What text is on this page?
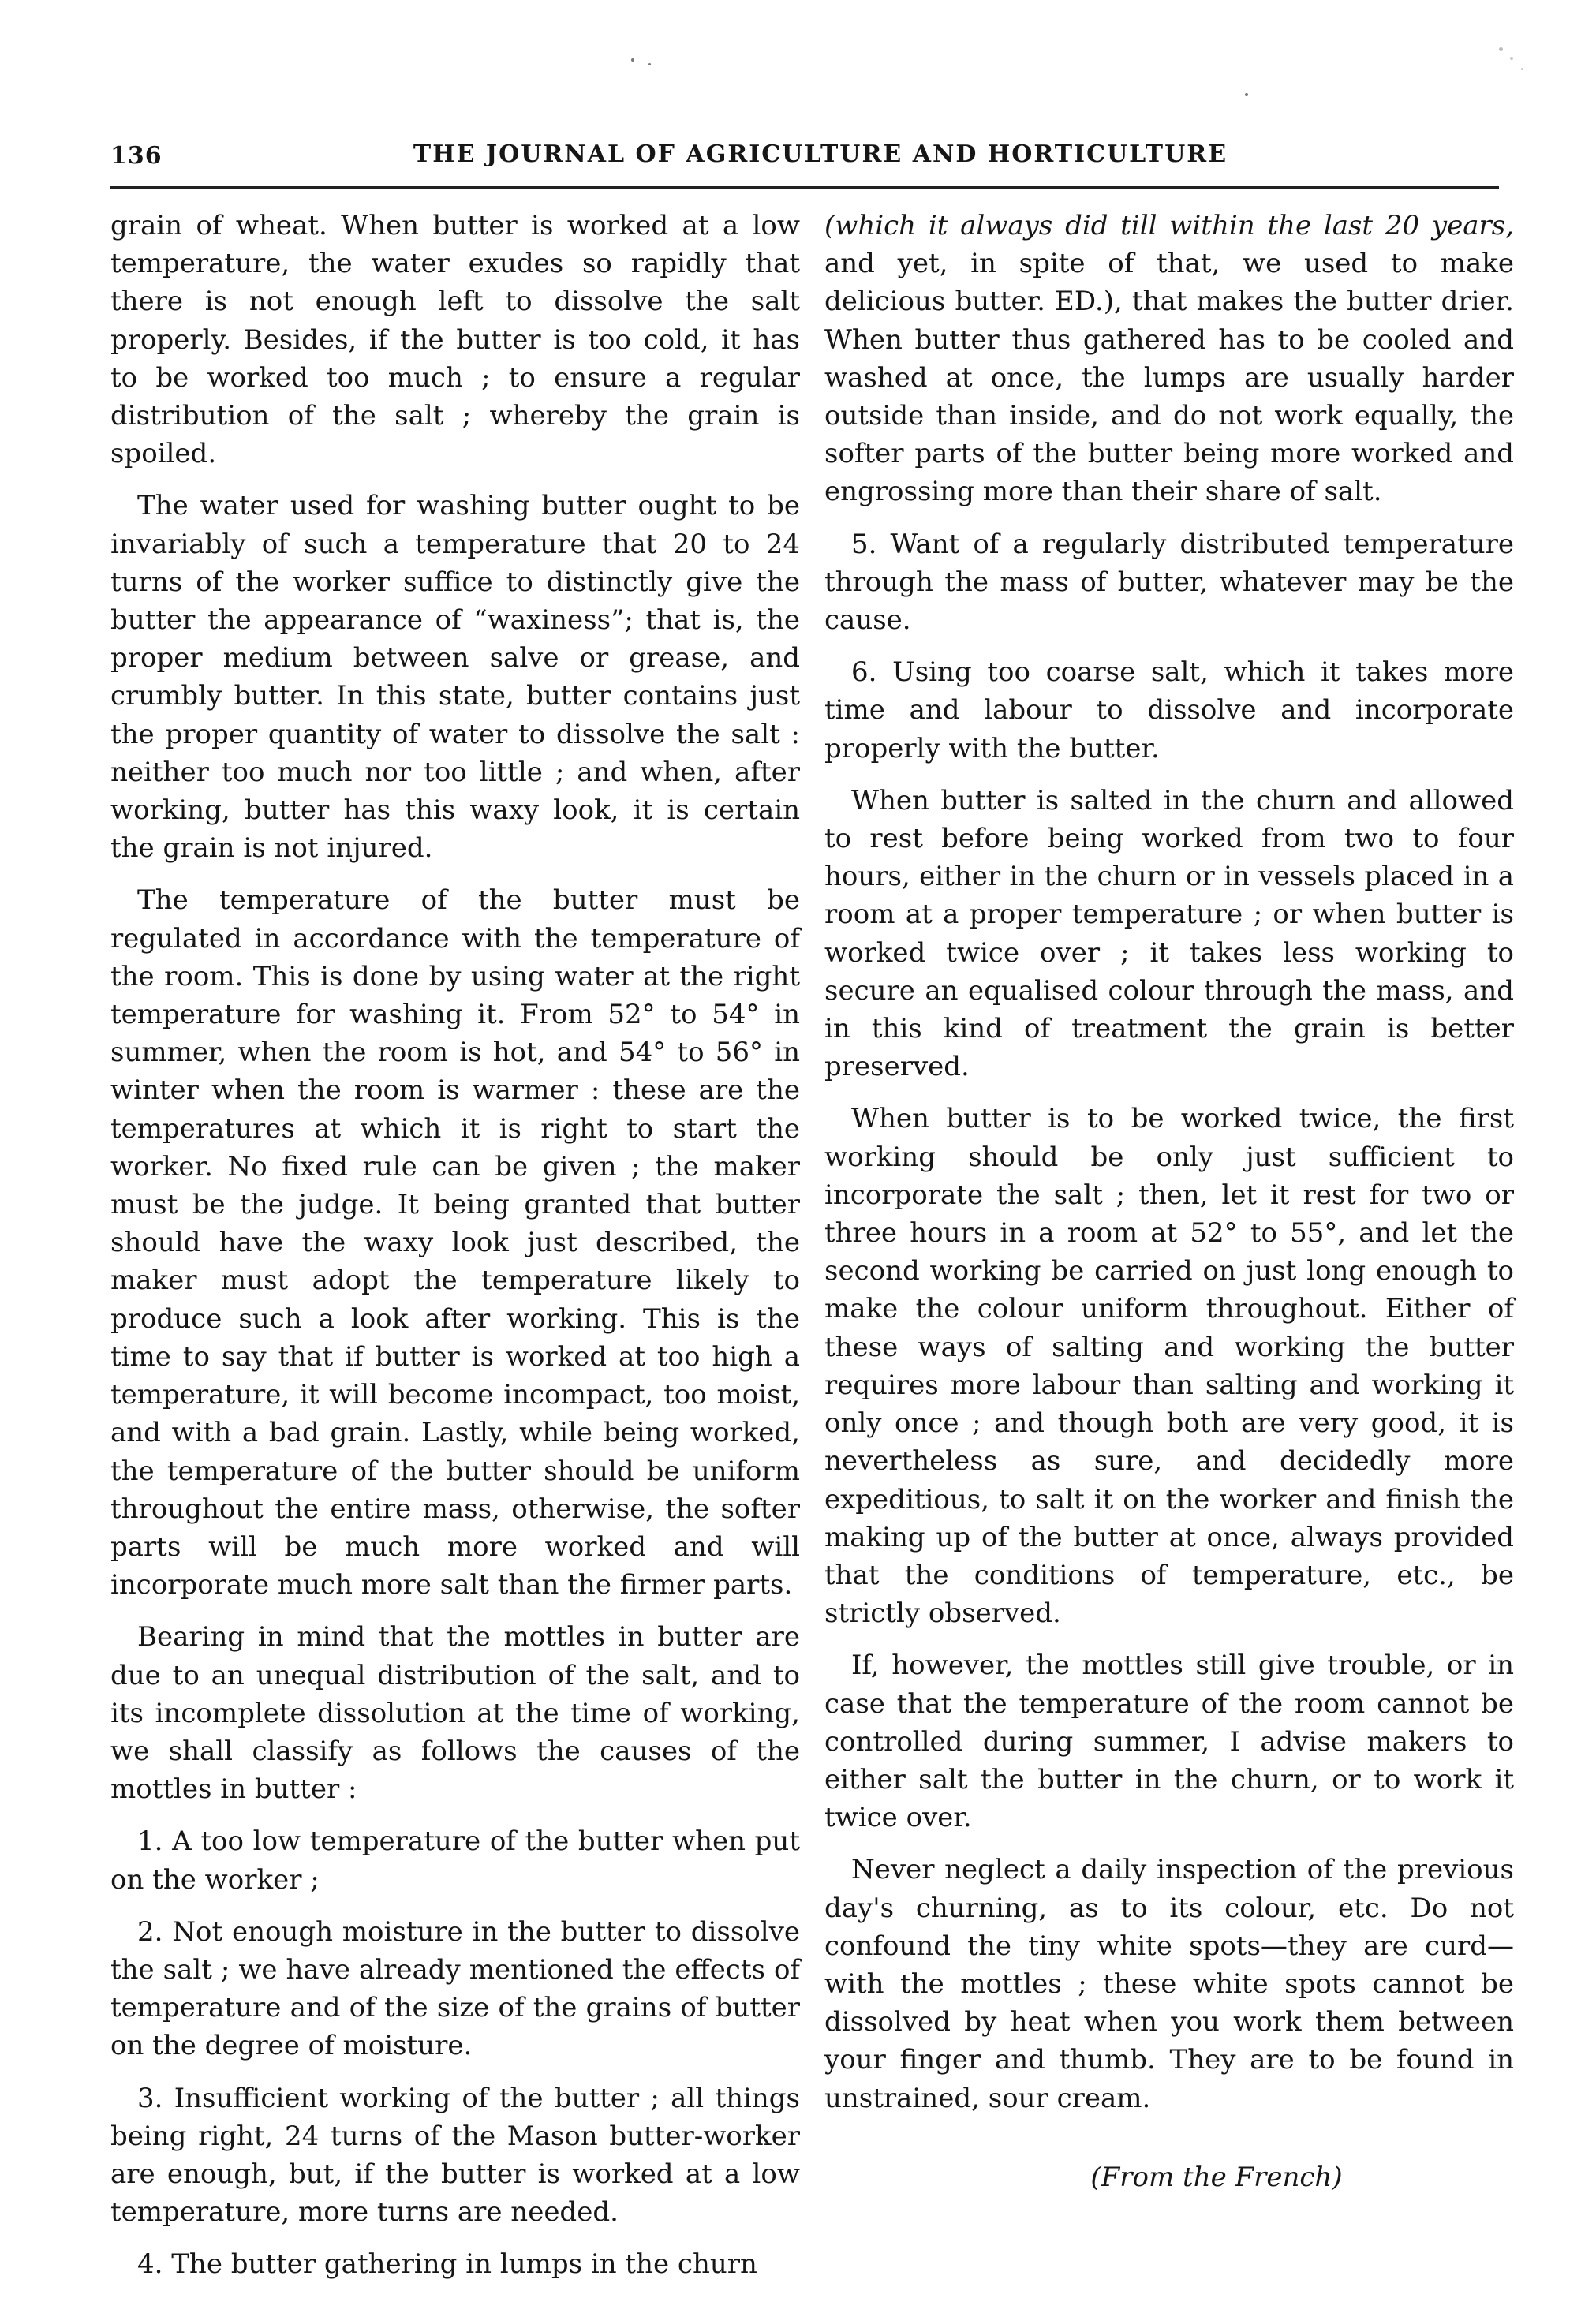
136	THE JOURNAL OF AGRICULTURE AND HORTICULTURE

grain of wheat. When butter is worked at a low temperature, the water exudes so rapidly that there is not enough left to dissolve the salt properly. Besides, if the butter is too cold, it has to be worked too much ; to ensure a regular distribution of the salt ; whereby the grain is spoiled.

The water used for washing butter ought to be invariably of such a temperature that 20 to 24 turns of the worker suffice to distinctly give the butter the appearance of “waxiness”; that is, the proper medium between salve or grease, and crumbly butter. In this state, butter contains just the proper quantity of water to dissolve the salt : neither too much nor too little ; and when, after working, butter has this waxy look, it is certain the grain is not injured.

The temperature of the butter must be regulated in accordance with the temperature of the room. This is done by using water at the right temperature for washing it. From 52° to 54° in summer, when the room is hot, and 54° to 56° in winter when the room is warmer : these are the temperatures at which it is right to start the worker. No fixed rule can be given ; the maker must be the judge. It being granted that butter should have the waxy look just described, the maker must adopt the temperature likely to produce such a look after working. This is the time to say that if butter is worked at too high a temperature, it will become incompact, too moist, and with a bad grain. Lastly, while being worked, the temperature of the butter should be uniform throughout the entire mass, otherwise, the softer parts will be much more worked and will incorporate much more salt than the firmer parts.

Bearing in mind that the mottles in butter are due to an unequal distribution of the salt, and to its incomplete dissolution at the time of working, we shall classify as follows the causes of the mottles in butter :

1. A too low temperature of the butter when put on the worker ;

2. Not enough moisture in the butter to dissolve the salt ; we have already mentioned the effects of temperature and of the size of the grains of butter on the degree of moisture.

3. Insufficient working of the butter ; all things being right, 24 turns of the Mason butter-worker are enough, but, if the butter is worked at a low temperature, more turns are needed.

4. The butter gathering in lumps in the churn

(which it always did till within the last 20 years, and yet, in spite of that, we used to make delicious butter. ED.), that makes the butter drier. When butter thus gathered has to be cooled and washed at once, the lumps are usually harder outside than inside, and do not work equally, the softer parts of the butter being more worked and engrossing more than their share of salt.

5. Want of a regularly distributed temperature through the mass of butter, whatever may be the cause.

6. Using too coarse salt, which it takes more time and labour to dissolve and incorporate properly with the butter.

When butter is salted in the churn and allowed to rest before being worked from two to four hours, either in the churn or in vessels placed in a room at a proper temperature ; or when butter is worked twice over ; it takes less working to secure an equalised colour through the mass, and in this kind of treatment the grain is better preserved.

When butter is to be worked twice, the first working should be only just sufficient to incorporate the salt ; then, let it rest for two or three hours in a room at 52° to 55°, and let the second working be carried on just long enough to make the colour uniform throughout. Either of these ways of salting and working the butter requires more labour than salting and working it only once ; and though both are very good, it is nevertheless as sure, and decidedly more expeditious, to salt it on the worker and finish the making up of the butter at once, always provided that the conditions of temperature, etc., be strictly observed.

If, however, the mottles still give trouble, or in case that the temperature of the room cannot be controlled during summer, I advise makers to either salt the butter in the churn, or to work it twice over.

Never neglect a daily inspection of the previous day's churning, as to its colour, etc. Do not confound the tiny white spots—they are curd—with the mottles ; these white spots cannot be dissolved by heat when you work them between your finger and thumb. They are to be found in unstrained, sour cream.

(From the French)
